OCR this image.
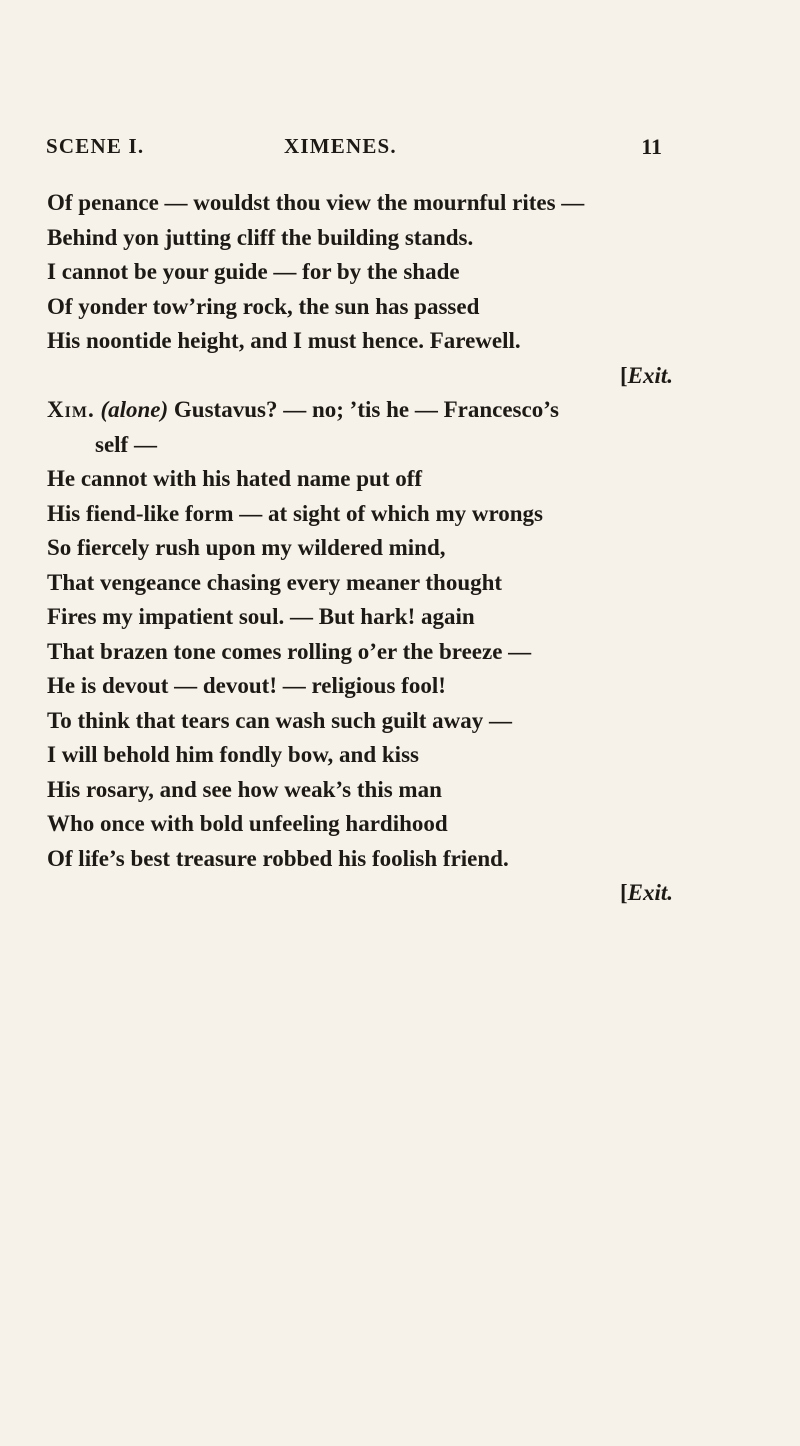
SCENE I.	XIMENES.	11
Of penance — wouldst thou view the mournful rites —
Behind yon jutting cliff the building stands.
I cannot be your guide — for by the shade
Of yonder tow’ring rock, the sun has passed
His noontide height, and I must hence. Farewell.
[Exit.
Xim. (alone) Gustavus? — no; ’tis he — Francesco’s
self —
He cannot with his hated name put off
His fiend-like form — at sight of which my wrongs
So fiercely rush upon my wildered mind,
That vengeance chasing every meaner thought
Fires my impatient soul. — But hark! again
That brazen tone comes rolling o’er the breeze —
He is devout — devout! — religious fool!
To think that tears can wash such guilt away —
I will behold him fondly bow, and kiss
His rosary, and see how weak’s this man
Who once with bold unfeeling hardihood
Of life’s best treasure robbed his foolish friend.
[Exit.
